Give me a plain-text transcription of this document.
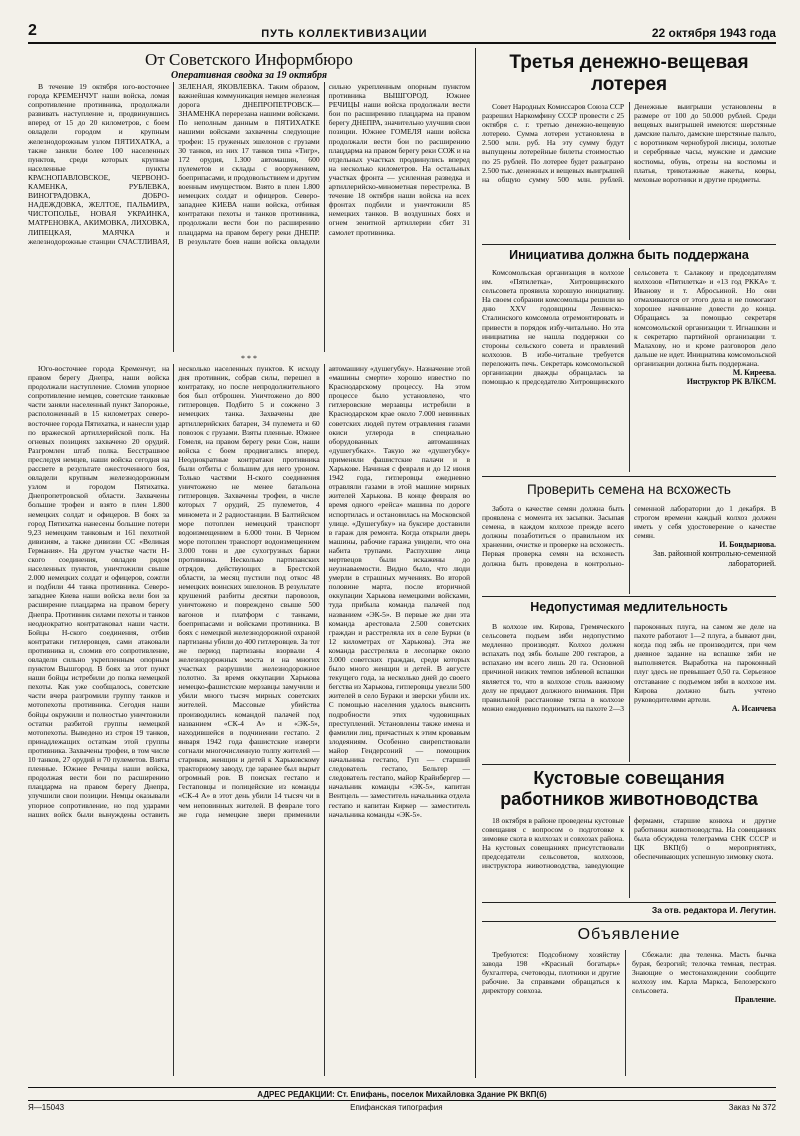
2	ПУТЬ КОЛЛЕКТИВИЗАЦИИ	22 октября 1943 года
От Советского Информбюро
Оперативная сводка за 19 октября

В течение 19 октября юго-восточнее города КРЕМЕНЧУГ наши войска, ломая сопротивление противника, продолжали развивать наступление и, продвинувшись вперед от 15 до 20 километров, с боем овладели городом и крупным железнодорожным узлом ПЯТИХАТКА, а также заняли более 100 населенных пунктов, среди которых крупные населенные пункты КРАСНОПАВЛОВСКОЕ, ЧЕРВОНО-КАМЕНКА, РУБЛЕВКА, ВИНОГРАДОВКА, ДОБРО-НАДЕЖДОВКА, ЖЕЛТОЕ, ПАЛЬМИРА, ЧИСТОПОЛЬЕ, НОВАЯ УКРАИНКА, МАТРЕНОВКА, АКИМОВКА, ЛИХОВКА, ЛИПЕЦКАЯ, МАЯЧКА и железнодорожные станции СЧАСТЛИВАЯ, ЗЕЛЕНАЯ, ЯКОВЛЕВКА. Таким образом, важнейшая коммуникация немцев железная дорога ДНЕПРОПЕТРОВСК—ЗНАМЕНКА перерезана нашими войсками. По неполным данным в ПЯТИХАТКЕ нашими войсками захвачены следующие трофеи: 15 груженых эшелонов с грузами 30 танков, из них 17 танков типа «Тигр», 172 орудия, 1.300 автомашин, 600 пулеметов и склады с вооружением, боеприпасами, и продовольствием и другим военным имуществом. Взято в плен 1.800 немецких солдат и офицеров. Северо-западнее КИЕВА наши войска, отбивая контратаки пехоты и танков противника, продолжали вести бои по расширению плацдарма на правом берегу реки ДНЕПР. В результате боев наши войска овладели сильно укрепленным опорным пунктом противника ВЫШГОРОД. Южнее РЕЧИЦЫ наши войска продолжали вести бои по расширению плацдарма на правом берегу ДНЕПРА, значительно улучшив свои позиции. Южнее ГОМЕЛЯ наши войска продолжали вести бои по расширению плацдарма на правом берегу реки СОЖ и на отдельных участках продвинулись вперед на несколько километров. На остальных участках фронта — усиленная разведка и артиллерийско-минометная перестрелка. В течение 18 октября наши войска на всех фронтах подбили и уничтожили 85 немецких танков. В воздушных боях и огнем зенитной артиллерии сбит 31 самолет противника.

* * *

Юго-восточнее города Кременчуг, на правом берегу Днепра, наши войска продолжали наступление. Сломив упорное сопротивление немцев, советские танковые части заняли населенный пункт Запорожье, расположенный в 15 километрах северо-восточнее города Пятихатка, и нанесли удар по вражеской артиллерийской полк. На огневых позициях захвачено 20 орудий. Разгромлен штаб полка. Бесстрашное преследуя немцев, наши войска сегодня на рассвете в результате ожесточенного боя, овладели крупным железнодорожным узлом и городом Пятихатка. Днепропетровской области. Захвачены большие трофеи и взято в плен 1.800 немецких солдат и офицеров. В боях за город Пятихатка нанесены большие потери 9,23 немецким танковым и 161 пехотной дивизиям, а также дивизии СС «Великая Германия». На другом участке части Н-ского соединения, овладев рядом населенных пунктов, уничтожили свыше 2.000 немецких солдат и офицеров, сожгли и подбили 44 танка противника. Северо-западнее Киева наши войска вели бои за расширение плацдарма на правом берегу Днепра. Противник силами пехоты и танков неоднократно контратаковал наши части. Бойцы Н-ского соединения, отбив контратаки гитлеровцев, сами атаковали противника и, сломив его сопротивление, овладели сильно укрепленным опорным пунктом Вышгород. В боях за этот пункт наши бойцы истребили до полка немецкой пехоты. Как уже сообщалось, советские части вчера разгромили группу танков и мотопехоты противника. Сегодня наши бойцы окружили и полностью уничтожили остатки разбитой группы немецкой мотопехоты. Выведено из строя 19 танков, принадлежащих остаткам этой группы противника. Захвачены трофеи, в том числе 10 танков, 27 орудий и 70 пулеметов. Взяты пленные. Южнее Речицы наши войска, продолжая вести бои по расширению плацдарма на правом берегу Днепра, улучшили свои позиции. Немцы оказывали упорное сопротивление, но под ударами наших войск были вынуждены оставить несколько населенных пунктов. К исходу дня противник, собрав силы, перешел в контратаку, но после непродолжительного боя был отброшен. Уничтожено до 800 гитлеровцев. Подбито 5 и сожжено 3 немецких танка. Захвачены две артиллерийских батареи, 34 пулемета и 60 повозок с грузами. Взяты пленные. Южнее Гомеля, на правом берегу реки Сож, наши войска с боем продвигались вперед. Неоднократные контратаки противника были отбиты с большим для него уроном. Только частями Н-ского соединения уничтожено не менее батальона гитлеровцев. Захвачены трофеи, в числе которых 7 орудий, 25 пулеметов, 4 миномета и 2 радиостанции. В Балтийском море потоплен немецкий транспорт водоизмещением в 6.000 тонн. В Черном море потоплен транспорт водоизмещением 3.000 тонн и две сухогрузных баржи противника. Несколько партизанских отрядов, действующих в Брестской области, за месяц пустили под откос 48 немецких воинских эшелонов. В результате крушений разбиты десятки паровозов, уничтожено и повреждено свыше 500 вагонов и платформ с танками, боеприпасами и войсками противника. В боях с немецкой железнодорожной охраной партизаны убили до 400 гитлеровцев. За тот же период партизаны взорвали 4 железнодорожных моста и на многих участках разрушили железнодорожное полотно. За время оккупации Харькова немецко-фашистские мерзавцы замучили и убили много тысяч мирных советских жителей. Массовые убийства производились командой палачей под названием «СК-4 А» и «ЭК-5», находившейся в подчинении гестапо. 2 января 1942 года фашистские изверги согнали многочисленную толпу жителей — стариков, женщин и детей к Харьковскому тракторному заводу, где заранее был вырыт огромный ров. В поисках гестапо и Гестаповцы и полицейские из команды «СК-4 А» в этот день убили 14 тысяч чи в чем неповинных жителей. В феврале того же года немецкие звери применили автомашину «душегубку». Назначение этой «машины смерти» хорошо известно по Краснодарскому процессу. На этом процессе было установлено, что гитлеровские мерзавцы истребили в Краснодарском крае около 7.000 невинных советских людей путем отравления газами окиси углерода в специально оборудованных автомашинах «душегубках». Такую же «душегубку» применяли фашистские палачи и в Харькове. Начиная с февраля и до 12 июня 1942 года, гитлеровцы ежедневно отравляли газами в этой машине мирных жителей Харькова. В конце февраля во время одного «рейса» машина по дороге испортилась и остановилась на Московской улице. «Душегубку» на буксире доставили в гараж для ремонта. Когда открыли дверь машины, рабочие гаража увидели, что она набита трупами. Распухшие лица мертвецов были искажены до неузнаваемости. Видно было, что люди умерли в страшных мучениях. Во второй половине марта, после вторичной оккупации Харькова немецкими войсками, туда прибыла команда палачей под названием «ЭК-5». В первые же дни эта команда арестовала 2.500 советских граждан и расстреляла их в селе Бурки (в 12 километрах от Харькова). Эта же команда расстреляла в лесопарке около 3.000 советских граждан, среди которых было много женщин и детей. В августе текущего года, за несколько дней до своего бегства из Харькова, гитлеровцы увезли 500 жителей в село Бураки и зверски убили их. С помощью населения удалось выяснить подробности этих чудовищных преступлений. Установлены также имена и фамилии лиц, причастных к этим кровавым злодеяниям. Особенно свирепствовали майор Гендерсоний — помощник начальника гестапо, Гуп — старший следователь гестапо, Бельтер — следователь гестапо, майор Крайнбергер — начальник команды «ЭК-5», капитан Вентцель — заместитель начальника отдела гестапо и капитан Киркер — заместитель начальника команды «ЭК-5».

Третья денежно-вещевая лотерея

Совет Народных Комиссаров Союза ССР разрешил Наркомфину СССР провести с 25 октября с. г. третью денежно-вещевую лотерею. Сумма лотереи установлена в 2.500 млн. руб. На эту сумму будут выпущены лотерейные билеты стоимостью по 25 рублей. По лотерее будет разыграно 2.500 тыс. денежных и вещевых выигрышей на общую сумму 500 млн. рублей. Денежные выигрыши установлены в размере от 100 до 50.000 рублей. Среди вещевых выигрышей имеются: шерстяные дамские пальто, дамские шерстяные пальто, с воротником чернобурой лисицы, золотые и серебряные часы, мужские и дамские костюмы, обувь, отрезы на костюмы и платья, трикотажные жакеты, ковры, меховые воротники и другие предметы.

Инициатива должна быть поддержана

Комсомольская организация в колхозе им. «Пятилетка», Хитровщинского сельсовета проявила хорошую инициативу. На своем собрании комсомольцы решили ко дню XXV годовщины Ленинско-Сталинского комсомола отремонтировать и привести в порядок избу-читальню. Но эта инициатива не нашла поддержки со стороны сельского совета и правлений колхозов. В избе-читальне требуется переложить печь. Секретарь комсомольской организации дважды обращалась за помощью к председателю Хитровщинского сельсовета т. Салакову и председателям колхозов «Пятилетка» и «13 год РККА» т. Иванову и т. Абросьиной. Но они отмахиваются от этого дела и не помогают хорошее начинание довести до конца. Обращаясь за помощью секретаря комсомольской организации т. Игнашкин и к секретарю партийной организации т. Малахову, но и кроме разговоров дело дальше не идет. Инициатива комсомольской организации должна быть поддержана.

М. Киреева.
Инструктор РК ВЛКСМ.
Проверить семена на всхожесть

Забота о качестве семян должна быть проявлена с момента их засыпки. Засыпая семена, в каждом колхозе прежде всего должны позаботиться о правильном их хранении, очистке и проверке на всхожесть. Первая проверка семян на всхожесть должна быть проведена в контрольно-семенной лаборатории до 1 декабря. В строгом времени каждый колхоз должен иметь у себя удостоверение о качестве семян.

И. Бондырнова.
Зав. районной контрольно-семенной лабораторией.
Недопустимая медлительность

В колхозе им. Кирова, Гремяческого сельсовета подъем зяби недопустимо медленно производят. Колхоз должен вспахать под зябь больше 200 гектаров, а вспахано им всего лишь 20 га. Основной причиной низких темпов зяблевой вспашки является то, что в колхозе столь важному делу не придают должного внимания. При правильной расстановке тягла в колхозе можно ежедневно поднимать на пахоте 2—3 пароконных плуга, на самом же деле на пахоте работают 1—2 плуга, а бывают дни, когда под зябь не производится, при чем дневное задание на вспашке зяби не выполняется. Выработка на пароконный плуг здесь не превышает 0,50 га. Серьезное отставание с подъемом зяби в колхозе им. Кирова должно быть учтено руководителями артели.

А. Исаичева
Кустовые совещания работников животноводства

18 октября в районе проведены кустовые совещания с вопросом о подготовке к зимовке скота в колхозах и совхозах района. На кустовых совещаниях присутствовали председатели сельсоветов, колхозов, инструктора животноводства, заведующие фермами, старшие конюха и другие работники животноводства. На совещаниях была обсуждена телеграмма СНК СССР и ЦК ВКП(б) о мероприятиях, обеспечивающих успешную зимовку скота.

За отв. редактора И. Легутин.
Объявление

Требуются: Подсобному хозяйству завода 198 «Красный богатырь» бухгалтера, счетоводы, плотники и другие рабочие. За справками обращаться к директору совхоза.

Сбежали: два теленка. Масть бычка бурая, безрогий; телочка темная, пестрая. Знающие о местонахождении сообщите колхозу им. Карла Маркса, Белозерского сельсовета.

Правление.
АДРЕС РЕДАКЦИИ: Ст. Епифань, поселок Михайловка Здание РК ВКП(б)
Я—15043	Епифанская типография	Заказ № 372
